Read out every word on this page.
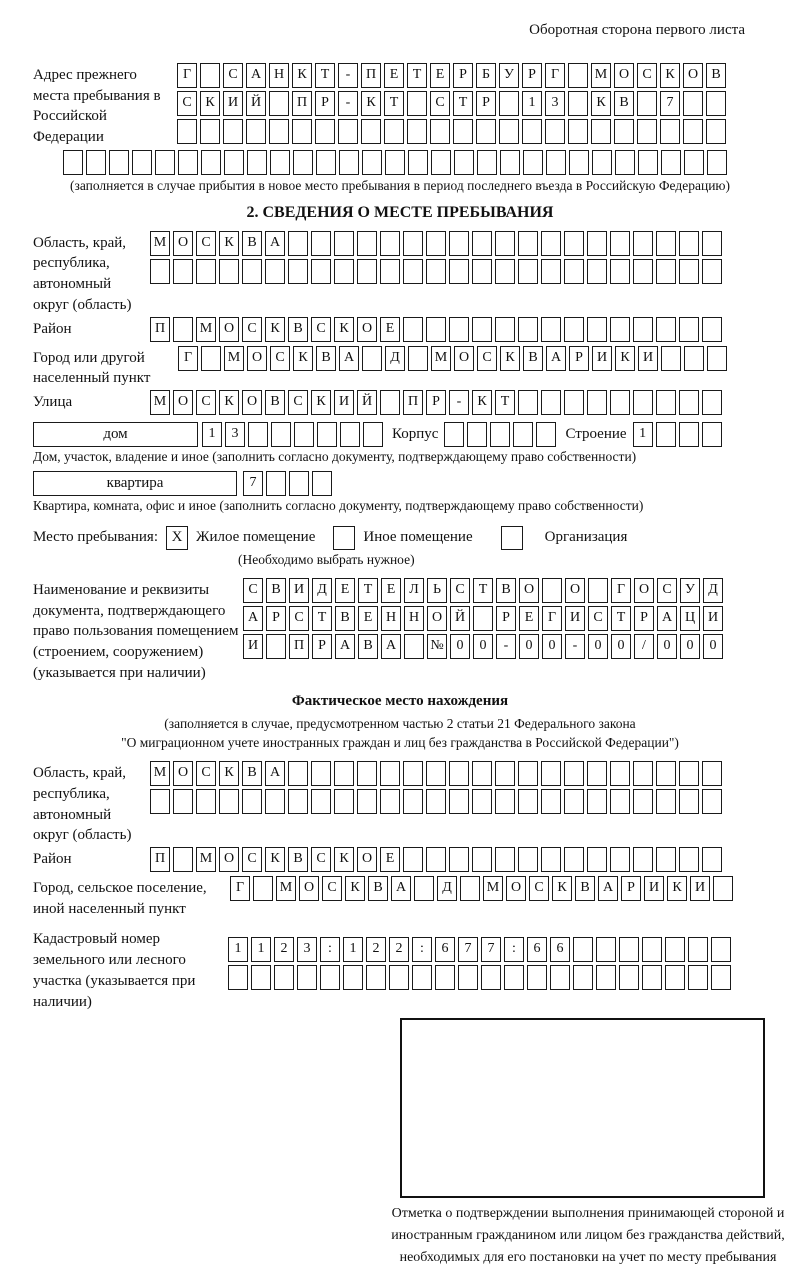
Оборотная сторона первого листа
Адрес прежнего места пребывания в Российской Федерации
Г	С А Н К Т - П Е Т Е Р Б У Р Г	М О С К О В
С К И Й	П Р - К Т	С Т Р	1 3	К В	7
(заполняется в случае прибытия в новое место пребывания в период последнего въезда в Российскую Федерацию)
2. СВЕДЕНИЯ О МЕСТЕ ПРЕБЫВАНИЯ
Область, край, республика, автономный округ (область)
М О С К В А
Район	П М О С К В С К О Е
Город или другой населенный пункт
Г	М О С К В А	Д М О С К В А Р И К И
Улица	М О С К О В С К И Й	П Р - К Т
дом	1 3	Корпус	Строение 1
Дом, участок, владение и иное (заполнить согласно документу, подтверждающему право собственности)
квартира	7
Квартира, комната, офис и иное (заполнить согласно документу, подтверждающему право собственности)
Место пребывания: X Жилое помещение	Иное помещение	Организация
(Необходимо выбрать нужное)
Наименование и реквизиты документа, подтверждающего право пользования помещением (строением, сооружением) (указывается при наличии)
С В И Д Е Т Е Л Ь С Т В О	О	Г О С У Д
А Р С Т В Е Н Н О Й	Р Е Г И С Т Р А Ц И
И	П Р А В А № 0 0 - 0 0 - 0 0 / 0 0 0
Фактическое место нахождения
(заполняется в случае, предусмотренном частью 2 статьи 21 Федерального закона
"О миграционном учете иностранных граждан и лиц без гражданства в Российской Федерации")
Область, край, республика, автономный округ (область)
М О С К В А
Район	П М О С К В С К О Е
Город, сельское поселение, иной населенный пункт
Г	М О С К В А	Д М О С К В А Р И К И
Кадастровый номер земельного или лесного участка (указывается при наличии)
1 1 2 3 : 1 2 2 : 6 7 7 : 6 6
Отметка о подтверждении выполнения принимающей стороной и иностранным гражданином или лицом без гражданства действий, необходимых для его постановки на учет по месту пребывания
